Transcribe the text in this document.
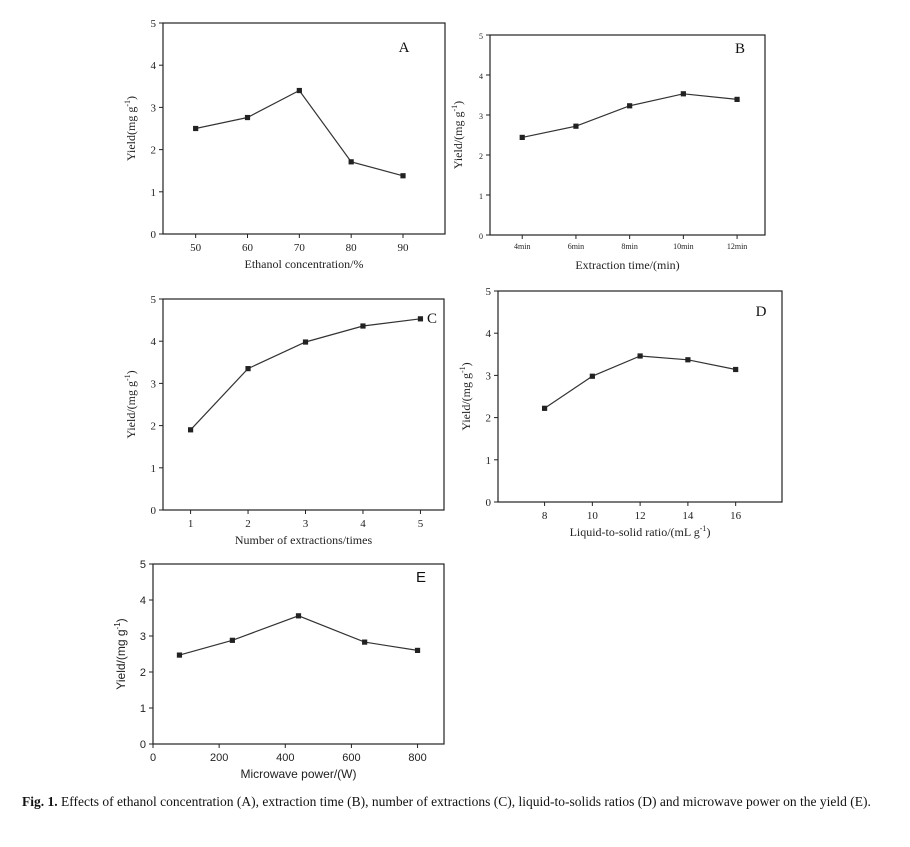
0
1
2
3
4
5
50	60	70	80	90
Ethanol concentration/%
Yield(mg $g^{-1}$)
A
0
1
2
3
4
5
4min	6min	8min	10min	12min
Extraction time/(min)
Yield/(mg $g^{-1}$)
B
0
1
2
3
4
5
1	2	3	4	5
Number of extractions/times
Yield/(mg $g^{-1}$)
C
0
1
2
3
4
5
8	10	12	14	16
Liquid-to-solid ratio/(mL $g^{-1}$)
Yield/(mg $g^{-1}$)
D
0
1
2
3
4
5
0	200	400	600	800
Microwave power/(W)
Yield/(mg $g^{-1}$)
E
Fig. 1. Effects of ethanol concentration (A), extraction time (B), number of extractions (C), liquid-to-solids ratios (D) and microwave power on the yield (E).
